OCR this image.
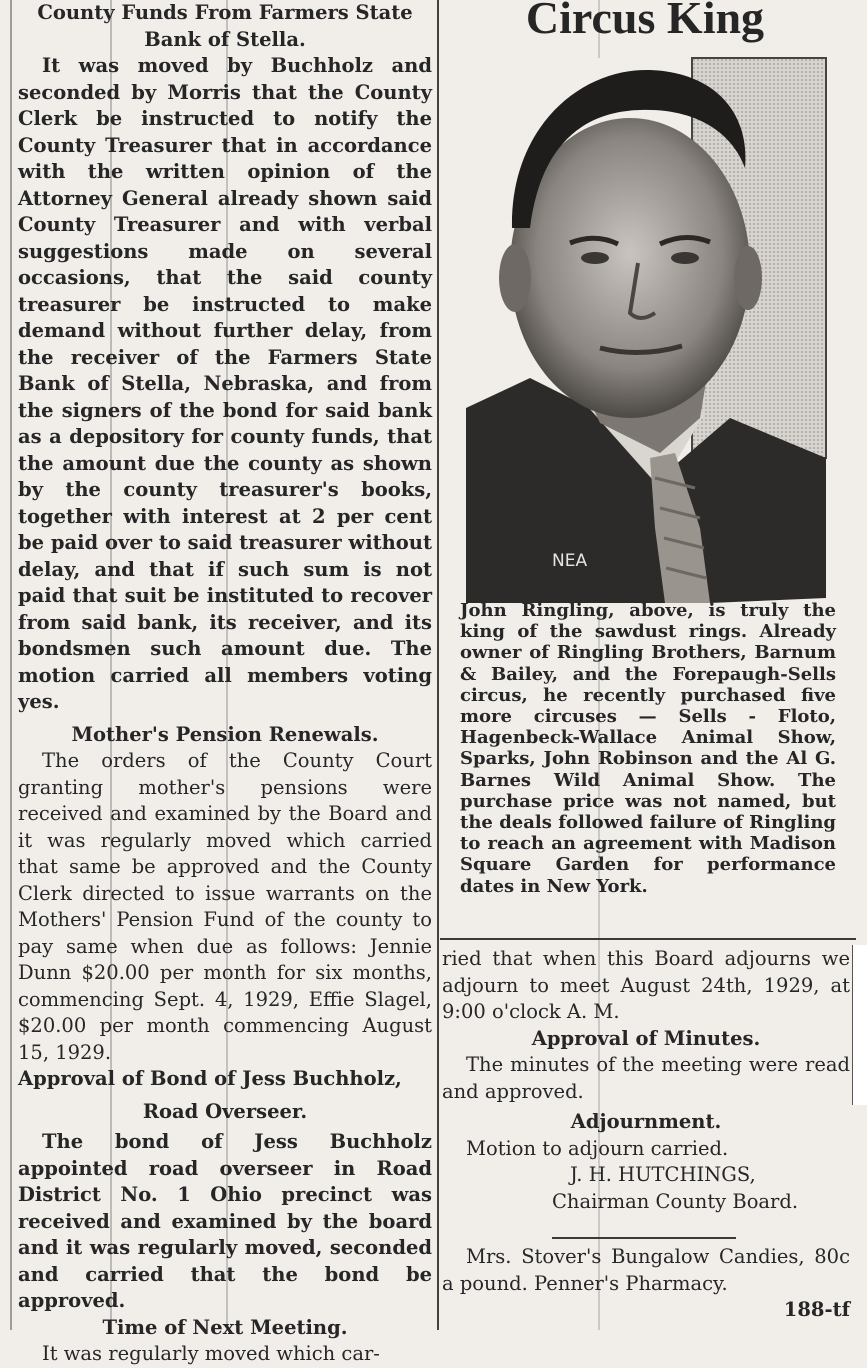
County Funds From Farmers State Bank of Stella.

It was moved by Buchholz and seconded by Morris that the County Clerk be instructed to notify the County Treasurer that in accordance with the written opinion of the Attorney General already shown said County Treasurer and with verbal suggestions made on several occasions, that the said county treasurer be instructed to make demand without further delay, from the receiver of the Farmers State Bank of Stella, Nebraska, and from the signers of the bond for said bank as a depository for county funds, that the amount due the county as shown by the county treasurer's books, together with interest at 2 per cent be paid over to said treasurer without delay, and that if such sum is not paid that suit be instituted to recover from said bank, its receiver, and its bondsmen such amount due. The motion carried all members voting yes.

Mother's Pension Renewals.

The orders of the County Court granting mother's pensions were received and examined by the Board and it was regularly moved which carried that same be approved and the County Clerk directed to issue warrants on the Mothers' Pension Fund of the county to pay same when due as follows: Jennie Dunn $20.00 per month for six months, commencing Sept. 4, 1929, Effie Slagel, $20.00 per month commencing August 15, 1929.

Approval of Bond of Jess Buchholz,

Road Overseer.

The bond of Jess Buchholz appointed road overseer in Road District No. 1 Ohio precinct was received and examined by the board and it was regularly moved, seconded and carried that the bond be approved.

Time of Next Meeting.

It was regularly moved which car-

Circus King
NEA

John Ringling, above, is truly the king of the sawdust rings. Already owner of Ringling Brothers, Barnum & Bailey, and the Forepaugh-Sells circus, he recently purchased five more circuses — Sells - Floto, Hagenbeck-Wallace Animal Show, Sparks, John Robinson and the Al G. Barnes Wild Animal Show. The purchase price was not named, but the deals followed failure of Ringling to reach an agreement with Madison Square Garden for performance dates in New York.

ried that when this Board adjourns we adjourn to meet August 24th, 1929, at 9:00 o'clock A. M.

Approval of Minutes.

The minutes of the meeting were read and approved.

Adjournment.

Motion to adjourn carried.

J. H. HUTCHINGS,

Chairman County Board.

Mrs. Stover's Bungalow Candies, 80c a pound. Penner's Pharmacy.

188-tf
